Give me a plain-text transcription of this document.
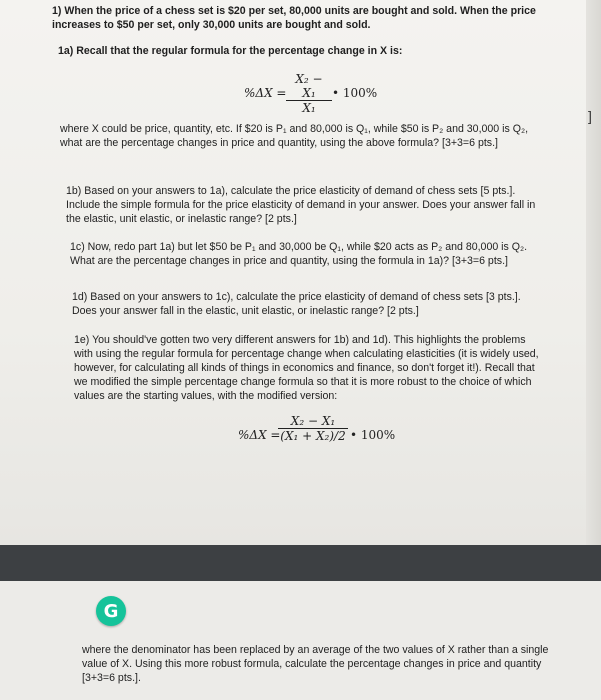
]

1) When the price of a chess set is $20 per set, 80,000 units are bought and sold. When the price increases to $50 per set, only 30,000 units are bought and sold.

1a) Recall that the regular formula for the percentage change in X is:

$\%\Delta X = \frac{\text{X₂ − X₁}}{\text{X₁}}$ • 100%

where X could be price, quantity, etc. If $20 is P₁ and 80,000 is Q₁, while $50 is P₂ and 30,000 is Q₂, what are the percentage changes in price and quantity, using the above formula? [3+3=6 pts.]

1b) Based on your answers to 1a), calculate the price elasticity of demand of chess sets [5 pts.]. Include the simple formula for the price elasticity of demand in your answer. Does your answer fall in the elastic, unit elastic, or inelastic range? [2 pts.]

1c) Now, redo part 1a) but let $50 be P₁ and 30,000 be Q₁, while $20 acts as P₂ and 80,000 is Q₂. What are the percentage changes in price and quantity, using the formula in 1a)? [3+3=6 pts.]

1d) Based on your answers to 1c), calculate the price elasticity of demand of chess sets [3 pts.]. Does your answer fall in the elastic, unit elastic, or inelastic range? [2 pts.]

1e) You should've gotten two very different answers for 1b) and 1d). This highlights the problems with using the regular formula for percentage change when calculating elasticities (it is widely used, however, for calculating all kinds of things in economics and finance, so don't forget it!). Recall that we modified the simple percentage change formula so that it is more robust to the choice of which values are the starting values, with the modified version:

%ΔX =
$\frac{\text{X₂ − X₁}}{\text{(X₁ + X₂)/2}}$ • 100%
G

where the denominator has been replaced by an average of the two values of X rather than a single value of X. Using this more robust formula, calculate the percentage changes in price and quantity [3+3=6 pts.].
